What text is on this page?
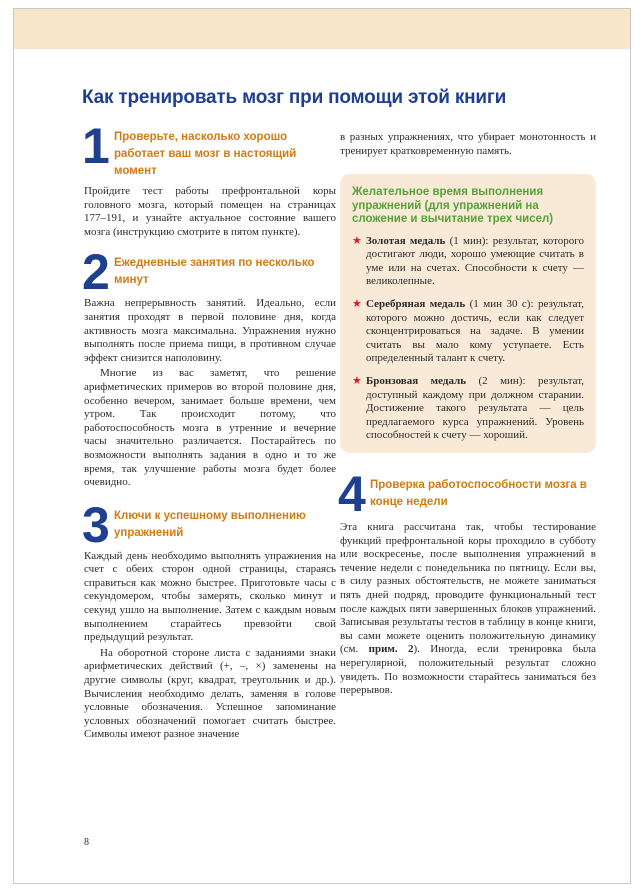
Как тренировать мозг при помощи этой книги
1 Проверьте, насколько хорошо работает ваш мозг в настоящий момент

Пройдите тест работы префронтальной коры головного мозга, который помещен на страницах 177–191, и узнайте актуальное состояние вашего мозга (инструкцию смотрите в пятом пункте).

2 Ежедневные занятия по несколько минут

Важна непрерывность занятий. Идеально, если занятия проходят в первой половине дня, когда активность мозга максимальна. Упражнения нужно выполнять после приема пищи, в противном случае эффект снизится наполовину.

Многие из вас заметят, что решение арифметических примеров во второй половине дня, особенно вечером, занимает больше времени, чем утром. Так происходит потому, что работоспособность мозга в утренние и вечерние часы значительно различается. Постарайтесь по возможности выполнять задания в одно и то же время, так улучшение работы мозга будет более очевидно.

3 Ключи к успешному выполнению упражнений

Каждый день необходимо выполнять упражнения на счет с обеих сторон одной страницы, стараясь справиться как можно быстрее. Приготовьте часы с секундомером, чтобы замерять, сколько минут и секунд ушло на выполнение. Затем с каждым новым выполнением старайтесь превзойти свой предыдущий результат.

На оборотной стороне листа с заданиями знаки арифметических действий (+, –, ×) заменены на другие символы (круг, квадрат, треугольник и др.). Вычисления необходимо делать, заменяя в голове условные обозначения. Успешное запоминание условных обозначений помогает считать быстрее. Символы имеют разное значение

в разных упражнениях, что убирает монотонность и тренирует кратковременную память.

Желательное время выполнения упражнений (для упражнений на сложение и вычитание трех чисел)
★ Золотая медаль (1 мин): результат, которого достигают люди, хорошо умеющие считать в уме или на счетах. Способности к счету — великолепные.

★ Серебряная медаль (1 мин 30 с): результат, которого можно достичь, если как следует сконцентрироваться на задаче. В умении считать вы мало кому уступаете. Есть определенный талант к счету.

★ Бронзовая медаль (2 мин): результат, доступный каждому при должном старании. Достижение такого результата — цель предлагаемого курса упражнений. Уровень способностей к счету — хороший.

4 Проверка работоспособности мозга в конце недели

Эта книга рассчитана так, чтобы тестирование функций префронтальной коры проходило в субботу или воскресенье, после выполнения упражнений в течение недели с понедельника по пятницу. Если вы, в силу разных обстоятельств, не можете заниматься пять дней подряд, проводите функциональный тест после каждых пяти завершенных блоков упражнений. Записывая результаты тестов в таблицу в конце книги, вы сами можете оценить положительную динамику (см. прим. 2). Иногда, если тренировка была нерегулярной, положительный результат сложно увидеть. По возможности старайтесь заниматься без перерывов.

8
